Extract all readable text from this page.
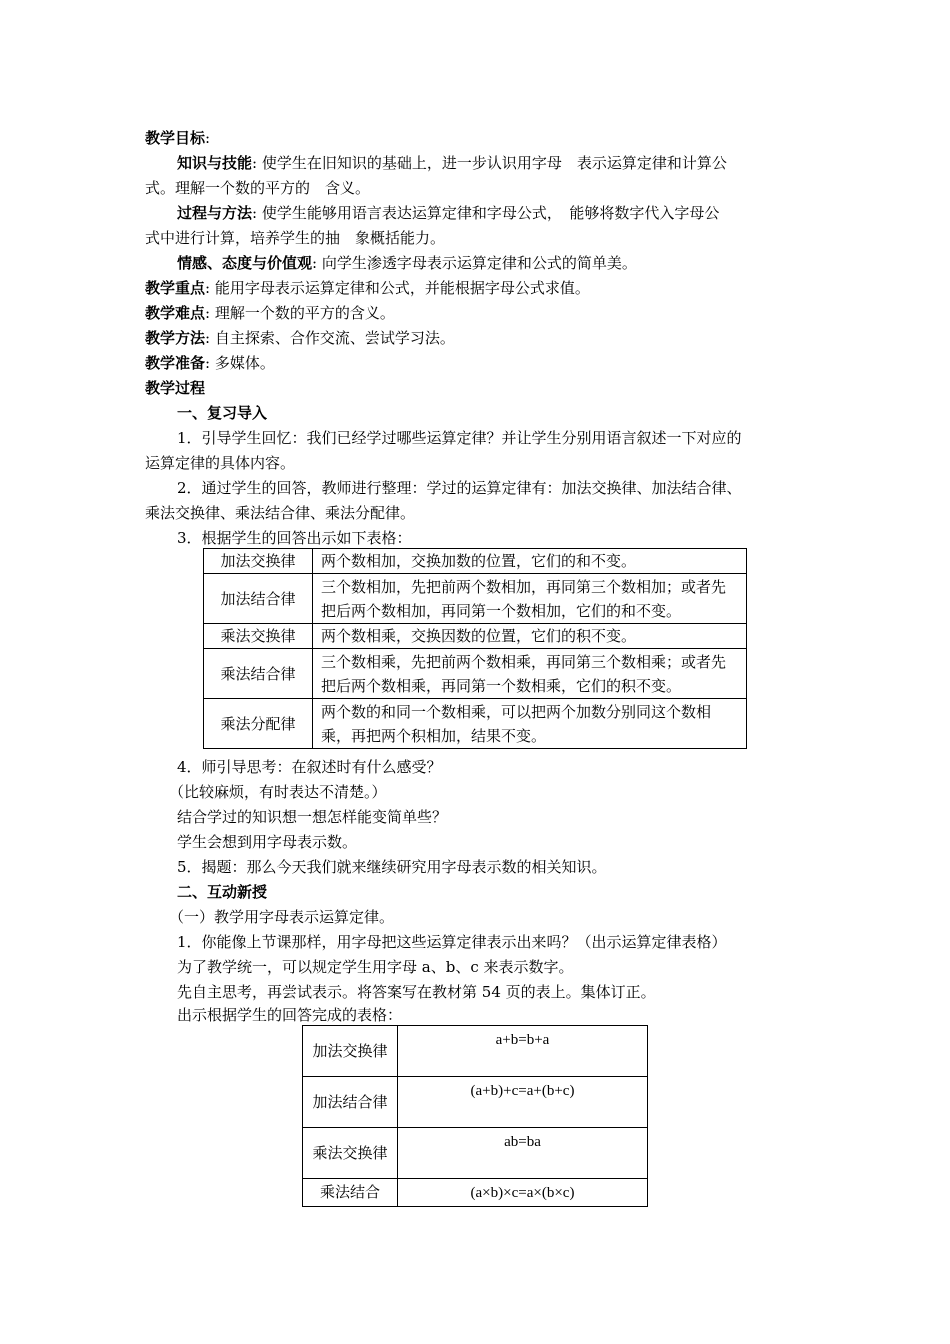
教学目标:
知识与技能: 使学生在旧知识的基础上，进一步认识用字母　表示运算定律和计算公
式。理解一个数的平方的　含义。
过程与方法: 使学生能够用语言表达运算定律和字母公式，　能够将数字代入字母公
式中进行计算，培养学生的抽　象概括能力。
情感、态度与价值观: 向学生渗透字母表示运算定律和公式的简单美。
教学重点: 能用字母表示运算定律和公式，并能根据字母公式求值。
教学难点: 理解一个数的平方的含义。
教学方法: 自主探索、合作交流、尝试学习法。
教学准备: 多媒体。
教学过程
一、复习导入
1．引导学生回忆：我们已经学过哪些运算定律？并让学生分别用语言叙述一下对应的
运算定律的具体内容。
2．通过学生的回答，教师进行整理：学过的运算定律有：加法交换律、加法结合律、
乘法交换律、乘法结合律、乘法分配律。
3．根据学生的回答出示如下表格：
加法交换律	两个数相加，交换加数的位置，它们的和不变。
加法结合律	三个数相加，先把前两个数相加，再同第三个数相加；或者先把后两个数相加，再同第一个数相加，它们的和不变。
乘法交换律	两个数相乘，交换因数的位置，它们的积不变。
乘法结合律	三个数相乘，先把前两个数相乘，再同第三个数相乘；或者先把后两个数相乘，再同第一个数相乘，它们的积不变。
乘法分配律	两个数的和同一个数相乘，可以把两个加数分别同这个数相乘，再把两个积相加，结果不变。
4．师引导思考：在叙述时有什么感受？
（比较麻烦，有时表达不清楚。）
结合学过的知识想一想怎样能变简单些？
学生会想到用字母表示数。
5．揭题：那么今天我们就来继续研究用字母表示数的相关知识。
二、互动新授
（一）教学用字母表示运算定律。
1．你能像上节课那样，用字母把这些运算定律表示出来吗？（出示运算定律表格）
为了教学统一，可以规定学生用字母 a、b、c 来表示数字。
先自主思考，再尝试表示。将答案写在教材第 54 页的表上。集体订正。
出示根据学生的回答完成的表格：
加法交换律	a+b=b+a
加法结合律	(a+b)+c=a+(b+c)
乘法交换律	ab=ba
乘法结合	(a×b)×c=a×(b×c)
